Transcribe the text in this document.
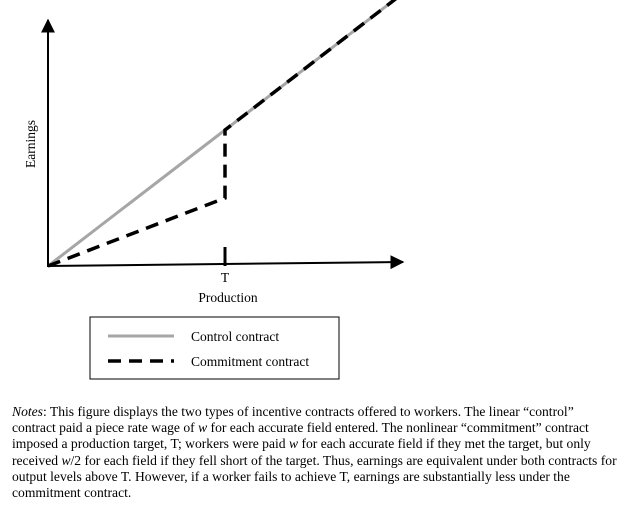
Earnings
Production
T
Control contract
Commitment contract

Notes: This figure displays the two types of incentive contracts offered to workers. The linear “control” contract paid a piece rate wage of w for each accurate field entered. The nonlinear “commitment” contract imposed a production target, T; workers were paid w for each accurate field if they met the target, but only received w/2 for each field if they fell short of the target. Thus, earnings are equivalent under both contracts for output levels above T. However, if a worker fails to achieve T, earnings are substantially less under the commitment contract.
